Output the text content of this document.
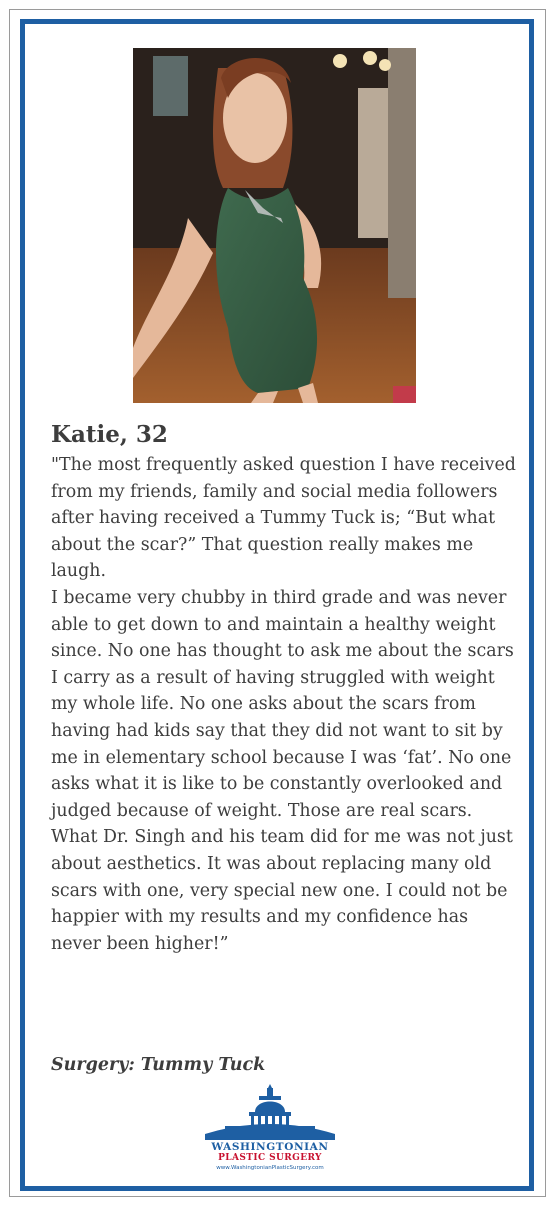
Katie, 32

"The most frequently asked question I have received from my friends, family and social media followers after having received a Tummy Tuck is; “But what about the scar?” That question really makes me laugh.

I became very chubby in third grade and was never able to get down to and maintain a healthy weight since. No one has thought to ask me about the scars I carry as a result of having struggled with weight my whole life. No one asks about the scars from having had kids say that they did not want to sit by me in elementary school because I was ‘fat’. No one asks what it is like to be constantly overlooked and judged because of weight. Those are real scars.

What Dr. Singh and his team did for me was not just about aesthetics. It was about replacing many old scars with one, very special new one. I could not be happier with my results and my confidence has never been higher!”

Surgery: Tummy Tuck

WASHINGTONIAN
PLASTIC SURGERY
www.WashingtonianPlasticSurgery.com
